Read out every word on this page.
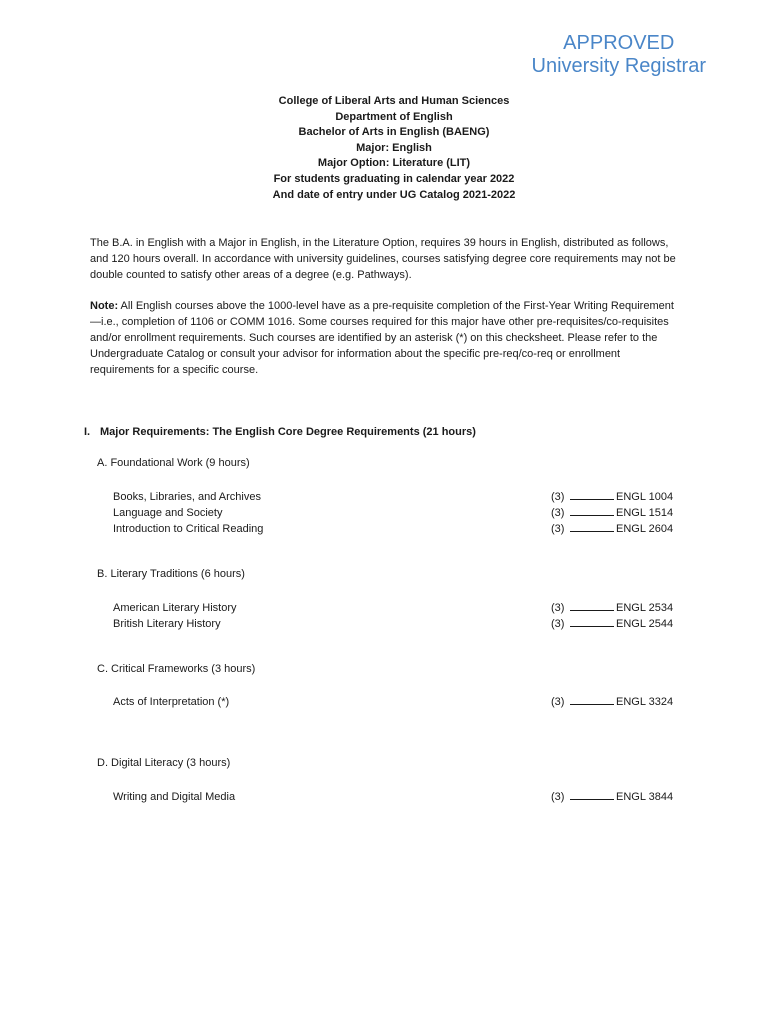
APPROVED
University Registrar
College of Liberal Arts and Human Sciences
Department of English
Bachelor of Arts in English (BAENG)
Major: English
Major Option: Literature (LIT)
For students graduating in calendar year 2022
And date of entry under UG Catalog 2021-2022
The B.A. in English with a Major in English, in the Literature Option, requires 39 hours in English, distributed as follows, and 120 hours overall. In accordance with university guidelines, courses satisfying degree core requirements may not be double counted to satisfy other areas of a degree (e.g. Pathways).
Note: All English courses above the 1000-level have as a pre-requisite completion of the First-Year Writing Requirement—i.e., completion of 1106 or COMM 1016. Some courses required for this major have other pre-requisites/co-requisites and/or enrollment requirements. Such courses are identified by an asterisk (*) on this checksheet. Please refer to the Undergraduate Catalog or consult your advisor for information about the specific pre-req/co-req or enrollment requirements for a specific course.
I. Major Requirements: The English Core Degree Requirements (21 hours)
A. Foundational Work (9 hours)
Books, Libraries, and Archives	(3)	ENGL 1004
Language and Society	(3)	ENGL 1514
Introduction to Critical Reading	(3)	ENGL 2604
B. Literary Traditions (6 hours)
American Literary History	(3)	ENGL 2534
British Literary History	(3)	ENGL 2544
C. Critical Frameworks (3 hours)
Acts of Interpretation (*)	(3)	ENGL 3324
D. Digital Literacy (3 hours)
Writing and Digital Media	(3)	ENGL 3844
